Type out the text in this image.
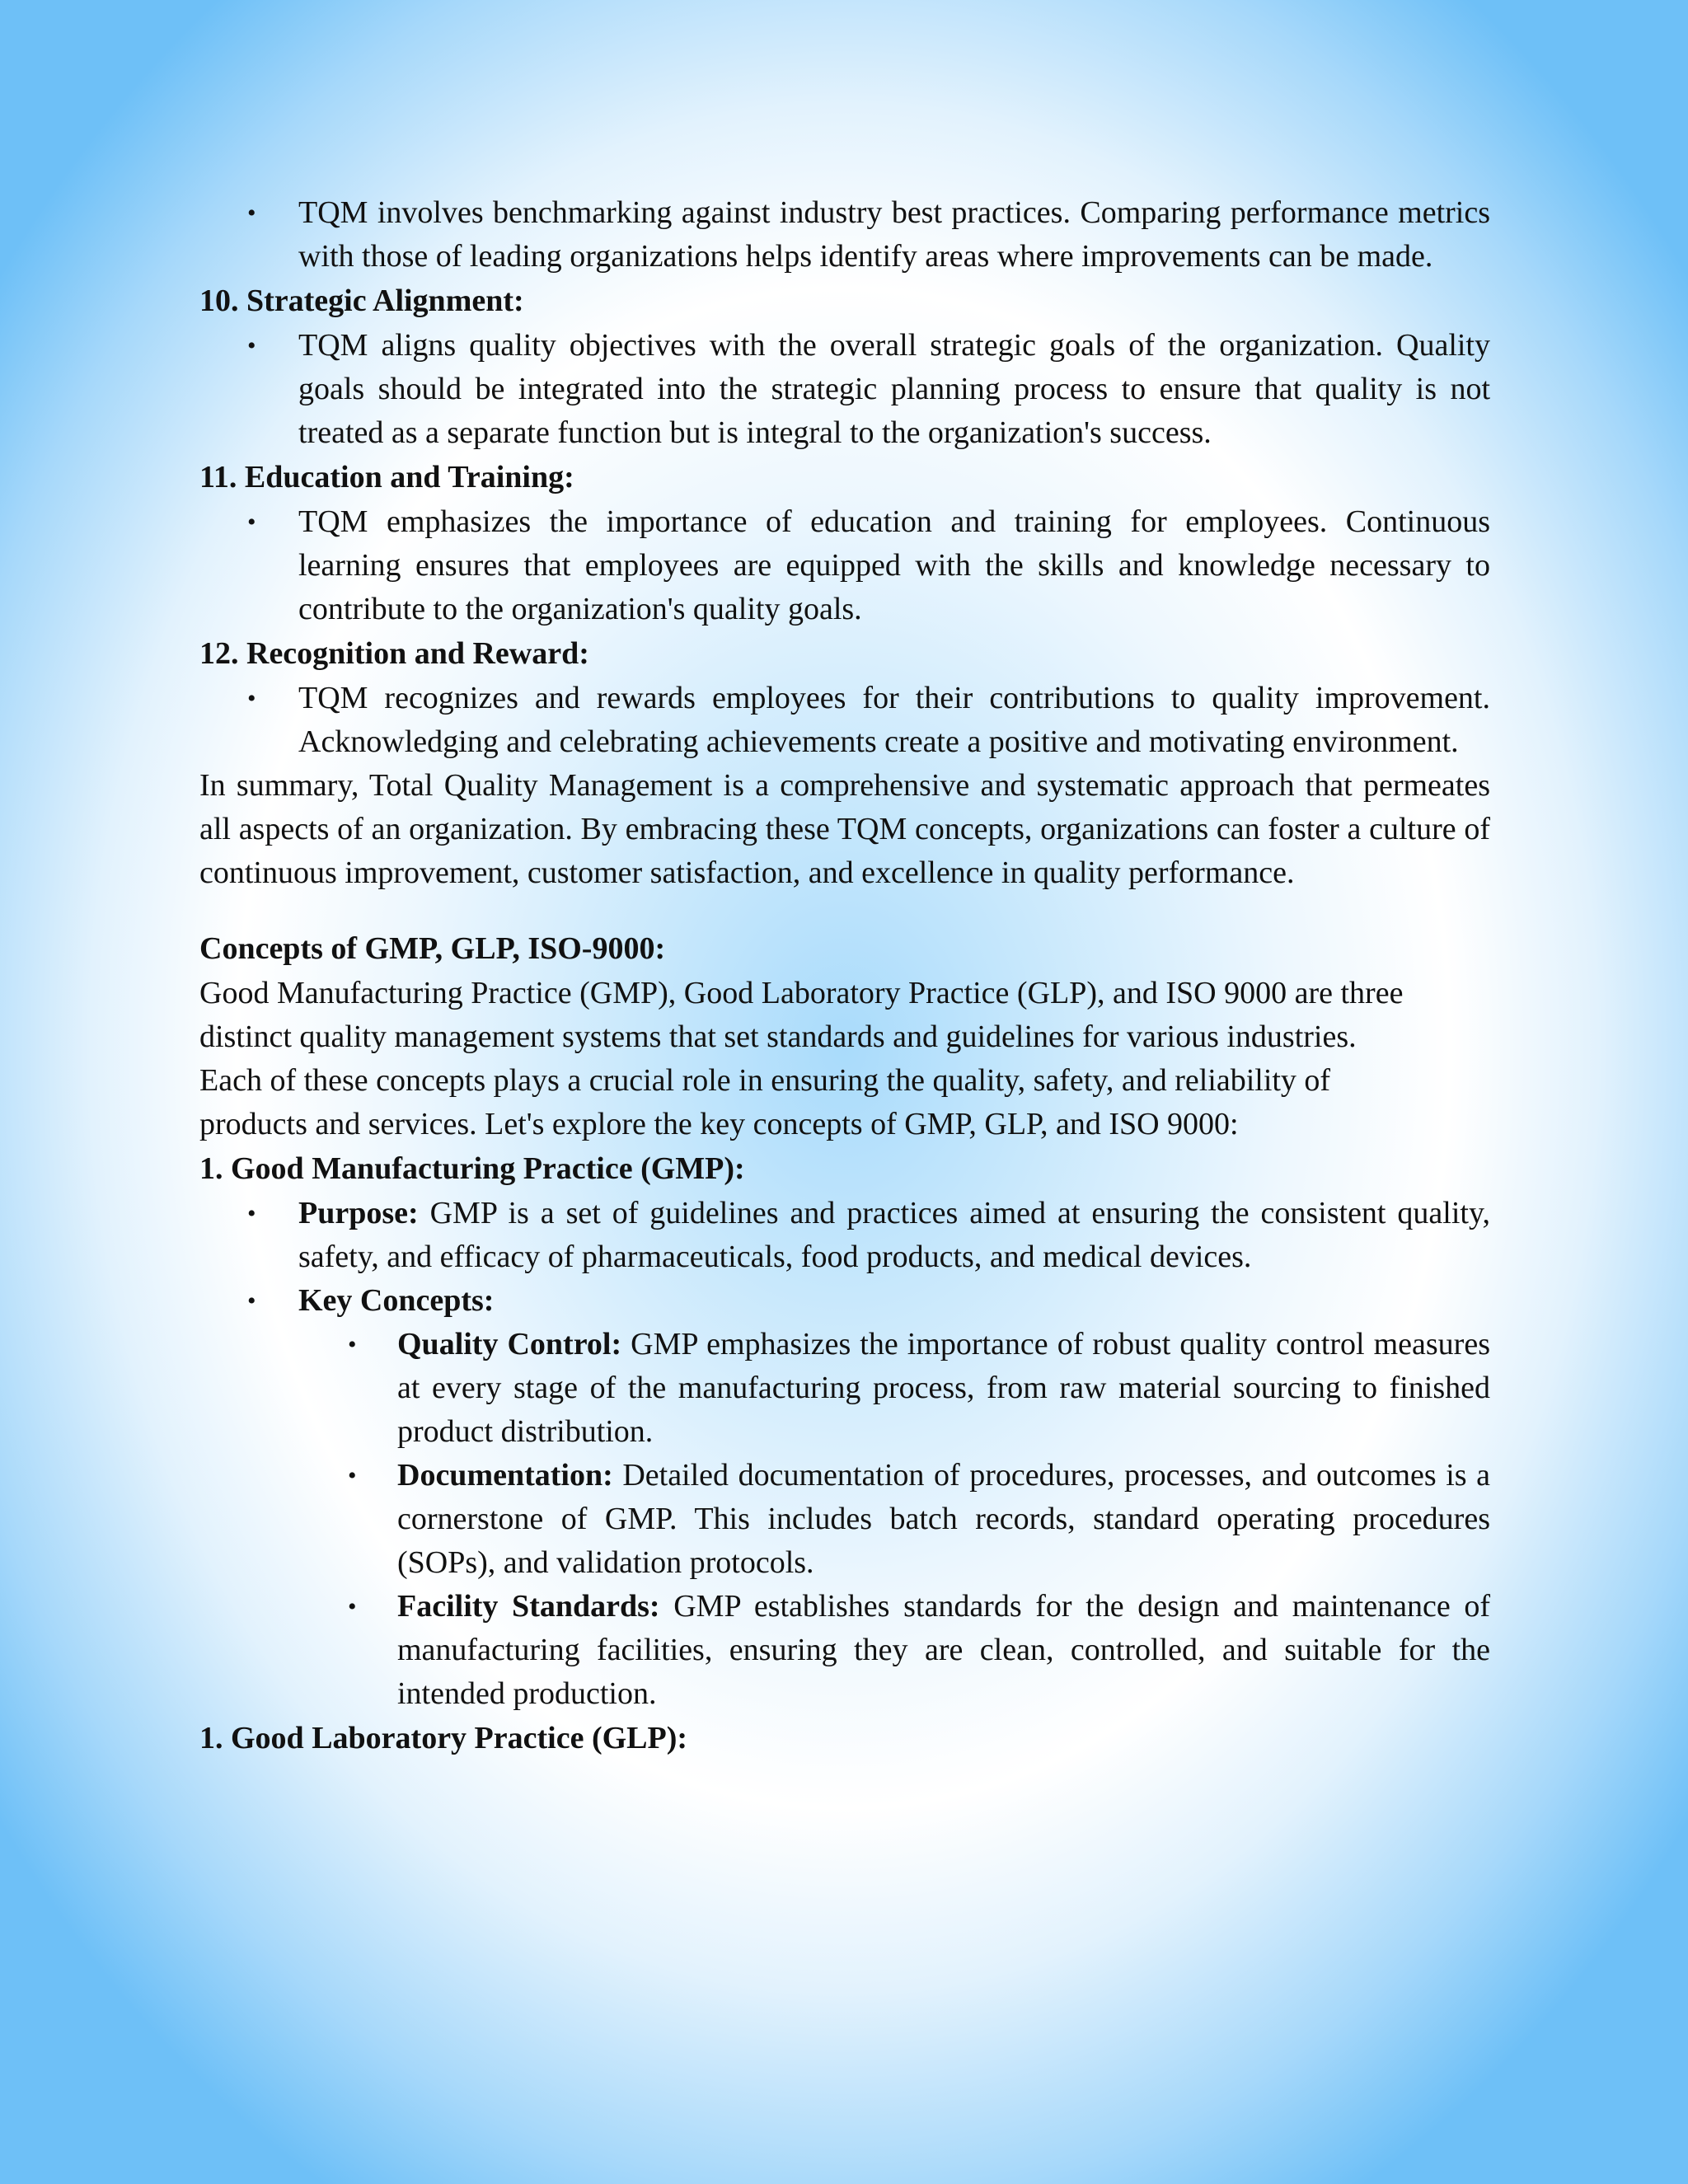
• TQM involves benchmarking against industry best practices. Comparing performance metrics with those of leading organizations helps identify areas where improvements can be made.

10. Strategic Alignment:

• TQM aligns quality objectives with the overall strategic goals of the organization. Quality goals should be integrated into the strategic planning process to ensure that quality is not treated as a separate function but is integral to the organization's success.

11. Education and Training:

• TQM emphasizes the importance of education and training for employees. Continuous learning ensures that employees are equipped with the skills and knowledge necessary to contribute to the organization's quality goals.

12. Recognition and Reward:

• TQM recognizes and rewards employees for their contributions to quality improvement. Acknowledging and celebrating achievements create a positive and motivating environment.

In summary, Total Quality Management is a comprehensive and systematic approach that permeates all aspects of an organization. By embracing these TQM concepts, organizations can foster a culture of continuous improvement, customer satisfaction, and excellence in quality performance.

Concepts of GMP, GLP, ISO-9000:

Good Manufacturing Practice (GMP), Good Laboratory Practice (GLP), and ISO 9000 are three
distinct quality management systems that set standards and guidelines for various industries.
Each of these concepts plays a crucial role in ensuring the quality, safety, and reliability of
products and services. Let's explore the key concepts of GMP, GLP, and ISO 9000:

1. Good Manufacturing Practice (GMP):

• Purpose: GMP is a set of guidelines and practices aimed at ensuring the consistent quality, safety, and efficacy of pharmaceuticals, food products, and medical devices.
• Key Concepts:
• Quality Control: GMP emphasizes the importance of robust quality control measures at every stage of the manufacturing process, from raw material sourcing to finished product distribution.
• Documentation: Detailed documentation of procedures, processes, and outcomes is a cornerstone of GMP. This includes batch records, standard operating procedures (SOPs), and validation protocols.
• Facility Standards: GMP establishes standards for the design and maintenance of manufacturing facilities, ensuring they are clean, controlled, and suitable for the intended production.

1. Good Laboratory Practice (GLP):
